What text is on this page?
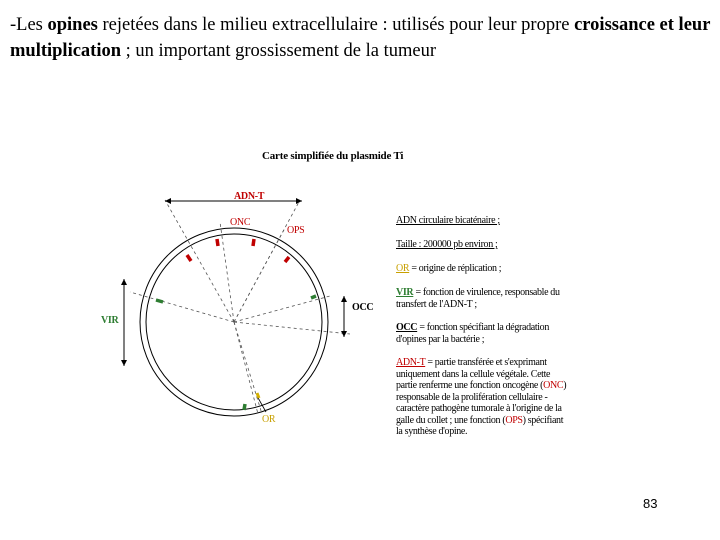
-Les opines rejetées dans le milieu extracellulaire : utilisés pour leur propre croissance et leur multiplication ; un important grossissement de la tumeur
Carte simplifiée du plasmide Ti
ADN-T
ONC
OPS
OCC
VIR
OR
ADN circulaire bicaténaire ;
Taille : 200000 pb environ ;
OR = origine de réplication ;
VIR = fonction de virulence, responsable du transfert de l'ADN-T ;
OCC = fonction spécifiant la dégradation d'opines par la bactérie ;
ADN-T = partie transférée et s'exprimant uniquement dans la cellule végétale. Cette partie renferme une fonction oncogène (ONC) responsable de la prolifération cellulaire - caractère pathogène tumorale à l'origine de la galle du collet ; une fonction (OPS) spécifiant la synthèse d'opine.
83
